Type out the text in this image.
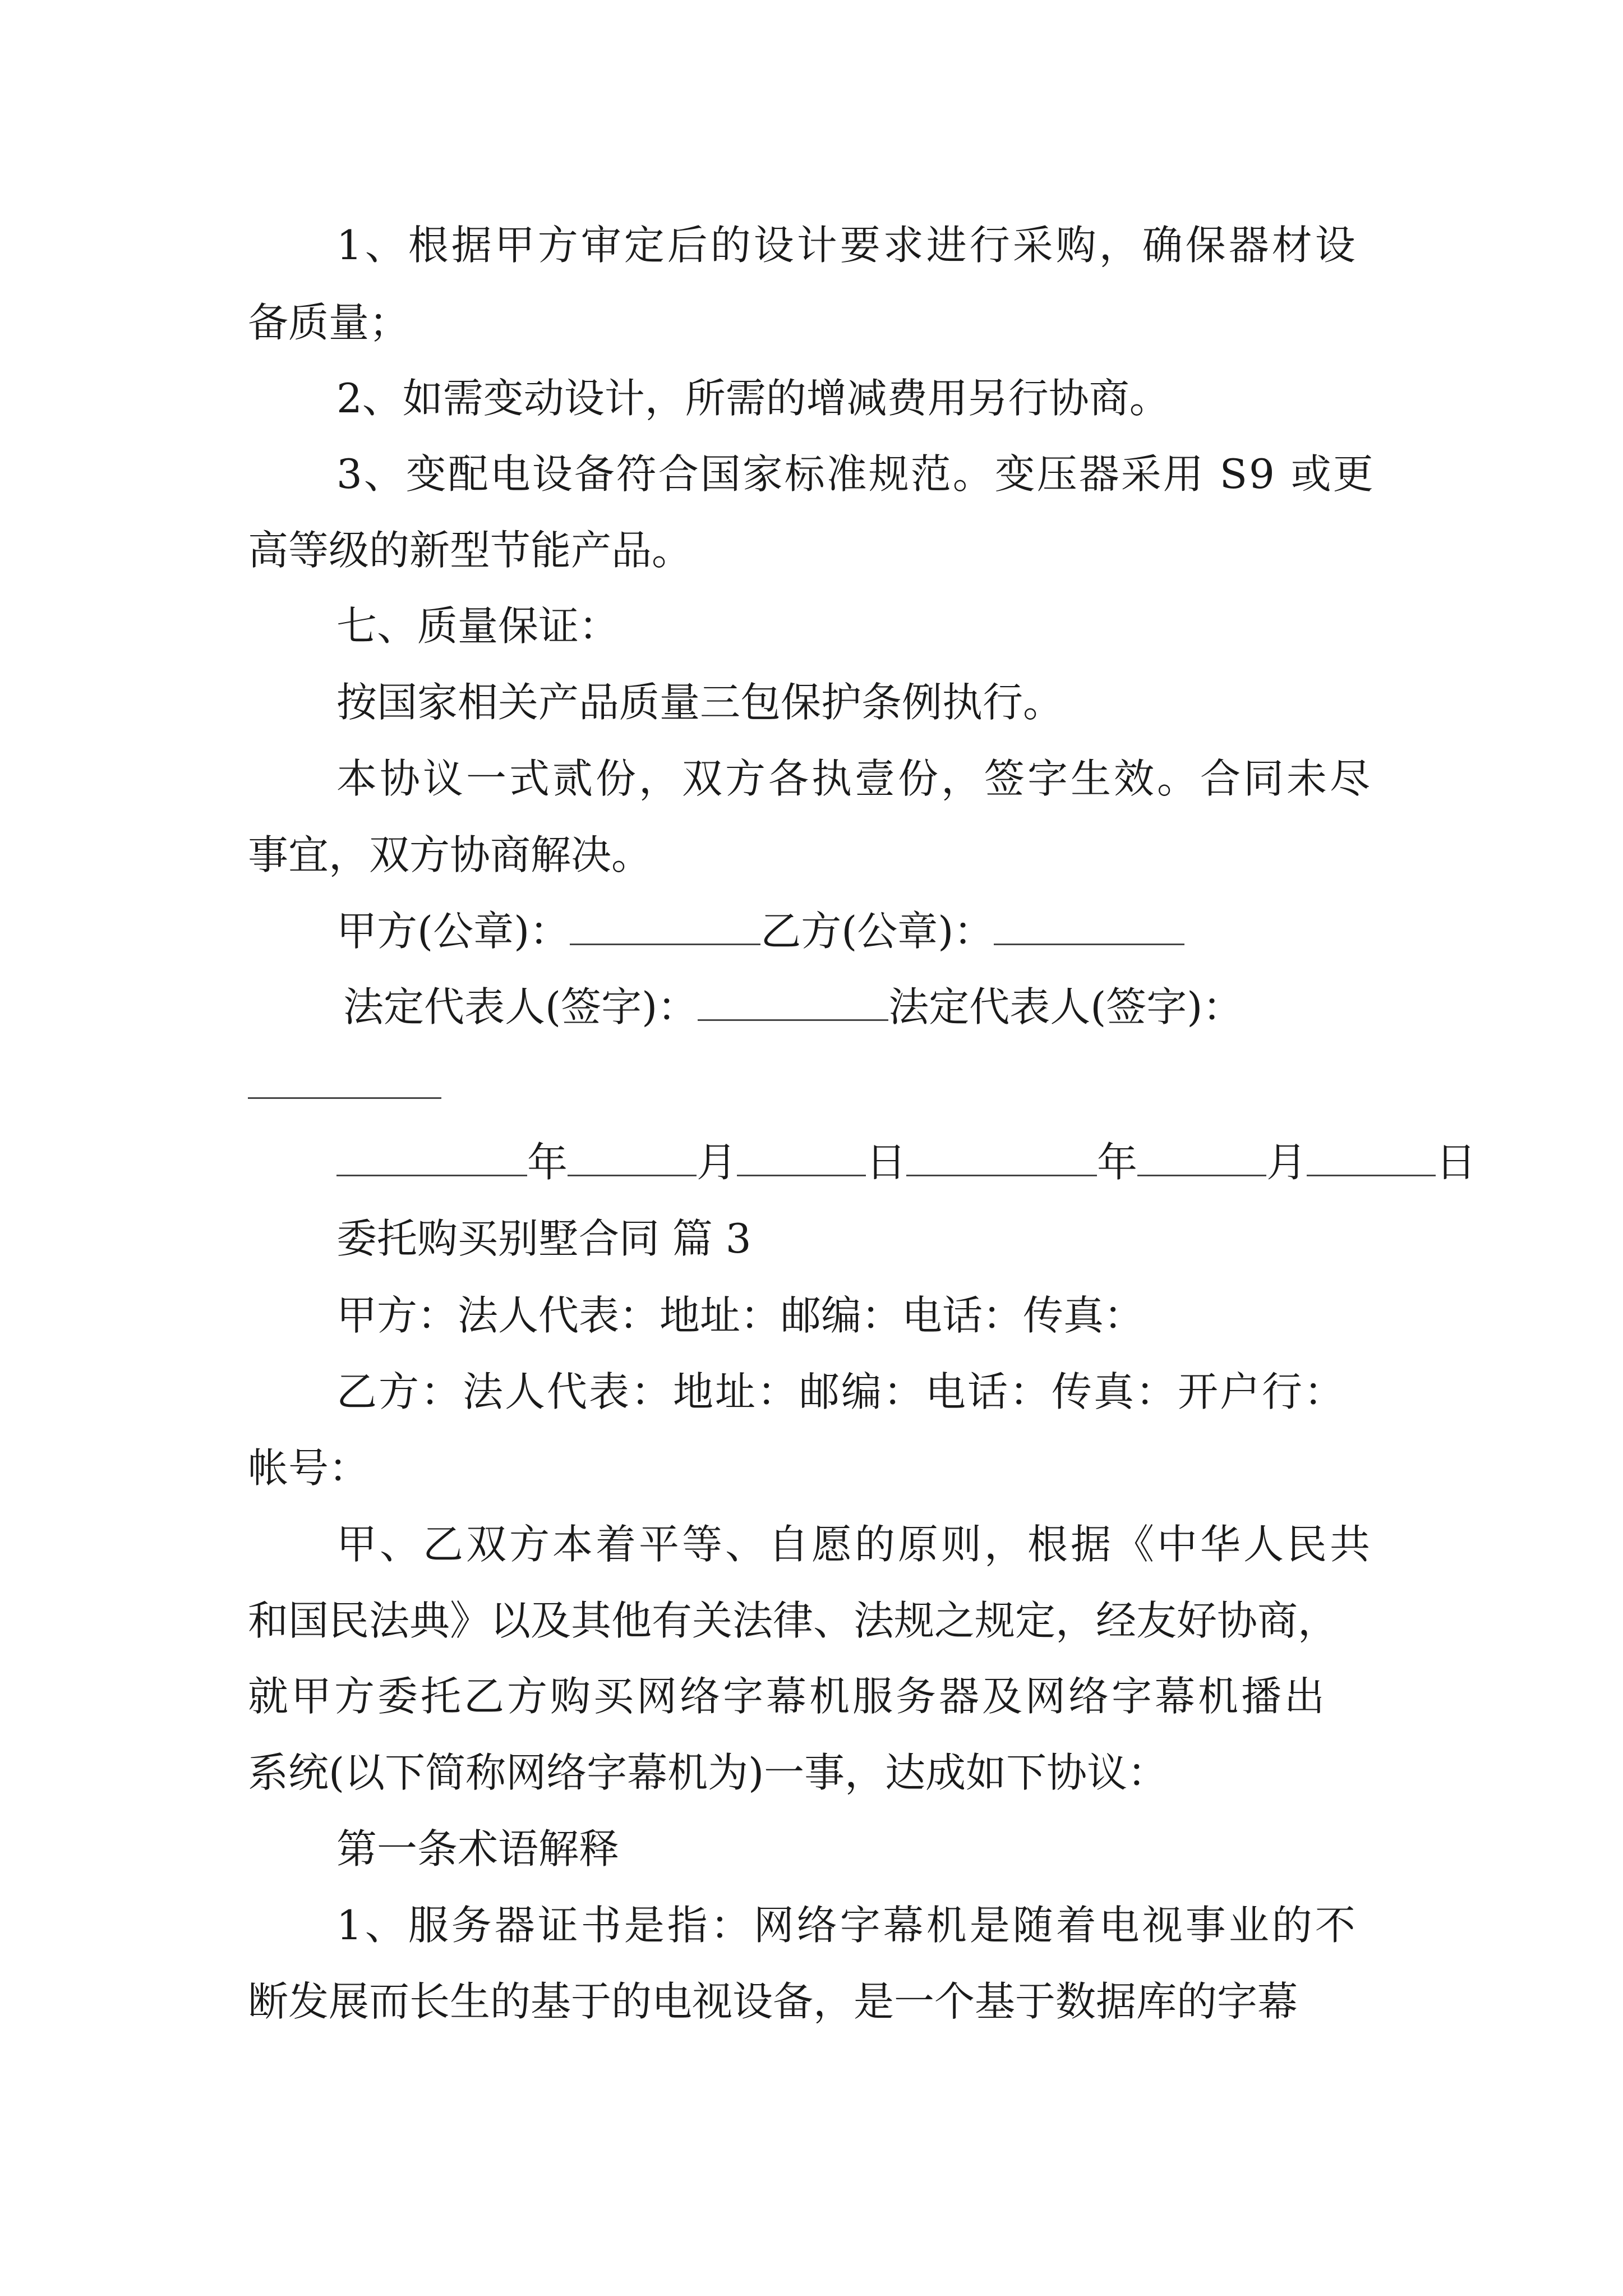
1、根据甲方审定后的设计要求进行采购，确保器材设
备质量；
2、如需变动设计，所需的增减费用另行协商。
3、变配电设备符合国家标准规范。变压器采用 S9 或更
高等级的新型节能产品。
七、质量保证：
按国家相关产品质量三包保护条例执行。
本协议一式贰份，双方各执壹份，签字生效。合同未尽
事宜，双方协商解决。
甲方(公章)：	乙方(公章)：
法定代表人(签字)：	法定代表人(签字)：
年	月	日	年	月	日
委托购买别墅合同 篇 3
甲方：法人代表：地址：邮编：电话：传真：
乙方：法人代表：地址：邮编：电话：传真：开户行：
帐号：
甲、乙双方本着平等、自愿的原则，根据《中华人民共
和国民法典》以及其他有关法律、法规之规定，经友好协商，
就甲方委托乙方购买网络字幕机服务器及网络字幕机播出
系统(以下简称网络字幕机为)一事，达成如下协议：
第一条术语解释
1、服务器证书是指：网络字幕机是随着电视事业的不
断发展而长生的基于的电视设备，是一个基于数据库的字幕
